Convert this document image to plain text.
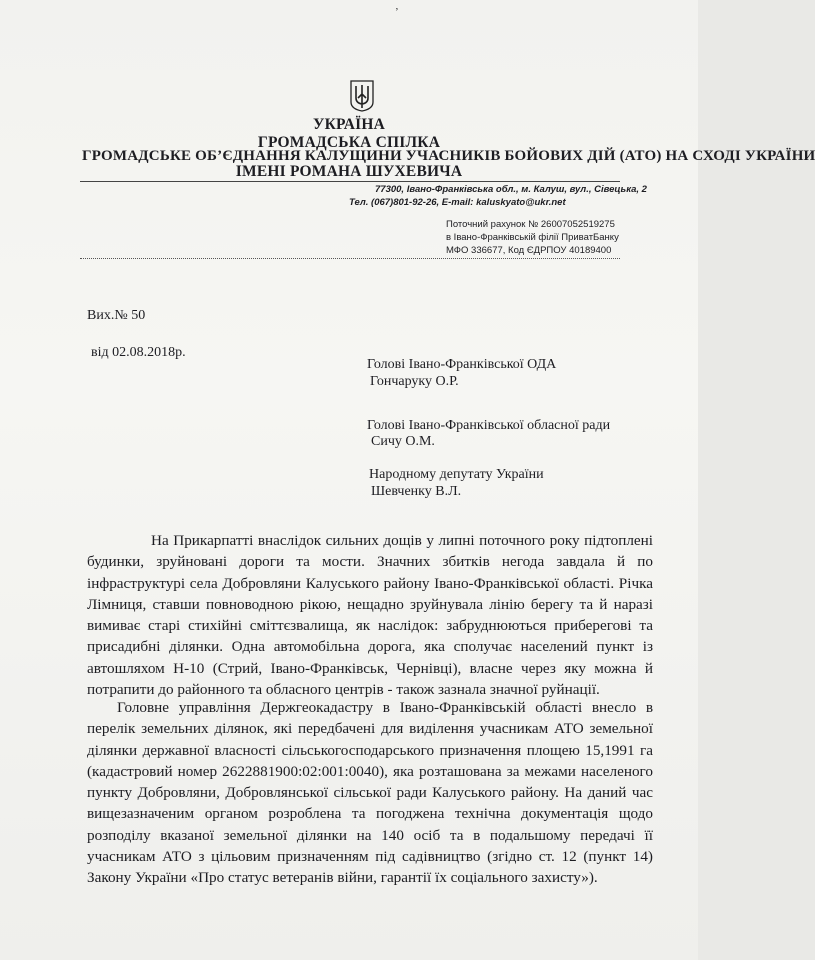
ʼ
УКРАЇНА
ГРОМАДСЬКА СПІЛКА
ГРОМАДСЬКЕ ОБ’ЄДНАННЯ КАЛУЩИНИ УЧАСНИКІВ БОЙОВИХ ДІЙ (АТО) НА СХОДІ УКРАЇНИ
ІМЕНІ РОМАНА ШУХЕВИЧА
77300, Івано-Франківська обл., м. Калуш, вул., Сівецька, 2
Тел. (067)801-92-26, E-mail: kaluskyato@ukr.net
Поточний рахунок № 26007052519275
в Івано-Франківській філії ПриватБанку
МФО 336677, Код ЄДРПОУ 40189400
Вих.№ 50
від 02.08.2018р.
Голові Івано-Франківської ОДА
Гончаруку О.Р.
Голові Івано-Франківської обласної ради
Сичу О.М.
Народному депутату України
Шевченку В.Л.
На Прикарпатті внаслідок сильних дощів у липні поточного року підтоплені будинки, зруйновані дороги та мости. Значних збитків негода завдала й по інфраструктурі села Добровляни Калуського району Івано-Франківської області. Річка Лімниця, ставши повноводною рікою, нещадно зруйнувала лінію берегу та й наразі вимиває старі стихійні сміттєзвалища, як наслідок: забруднюються прибереговi та присадибні ділянки. Одна автомобільна дорога, яка сполучає населений пункт із автошляхом Н-10 (Стрий, Івано-Франківськ, Чернівці), власне через яку можна й потрапити до районного та обласного центрів - також зазнала значної руйнації.
Головне управління Держгеокадастру в Івано-Франківській області внесло в перелік земельних ділянок, які передбачені для виділення учасникам АТО земельної ділянки державної власності сільськогосподарського призначення площею 15,1991 га (кадастровий номер 2622881900:02:001:0040), яка розташована за межами населеного пункту Добровляни, Добровлянської сільської ради Калуського району. На даний час вищезазначеним органом розроблена та погоджена технічна документація щодо розподілу вказаної земельної ділянки на 140 осіб та в подальшому передачі її учасникам АТО з цільовим призначенням під садівництво (згідно ст. 12 (пункт 14) Закону України «Про статус ветеранів війни, гарантії їх соціального захисту»).
